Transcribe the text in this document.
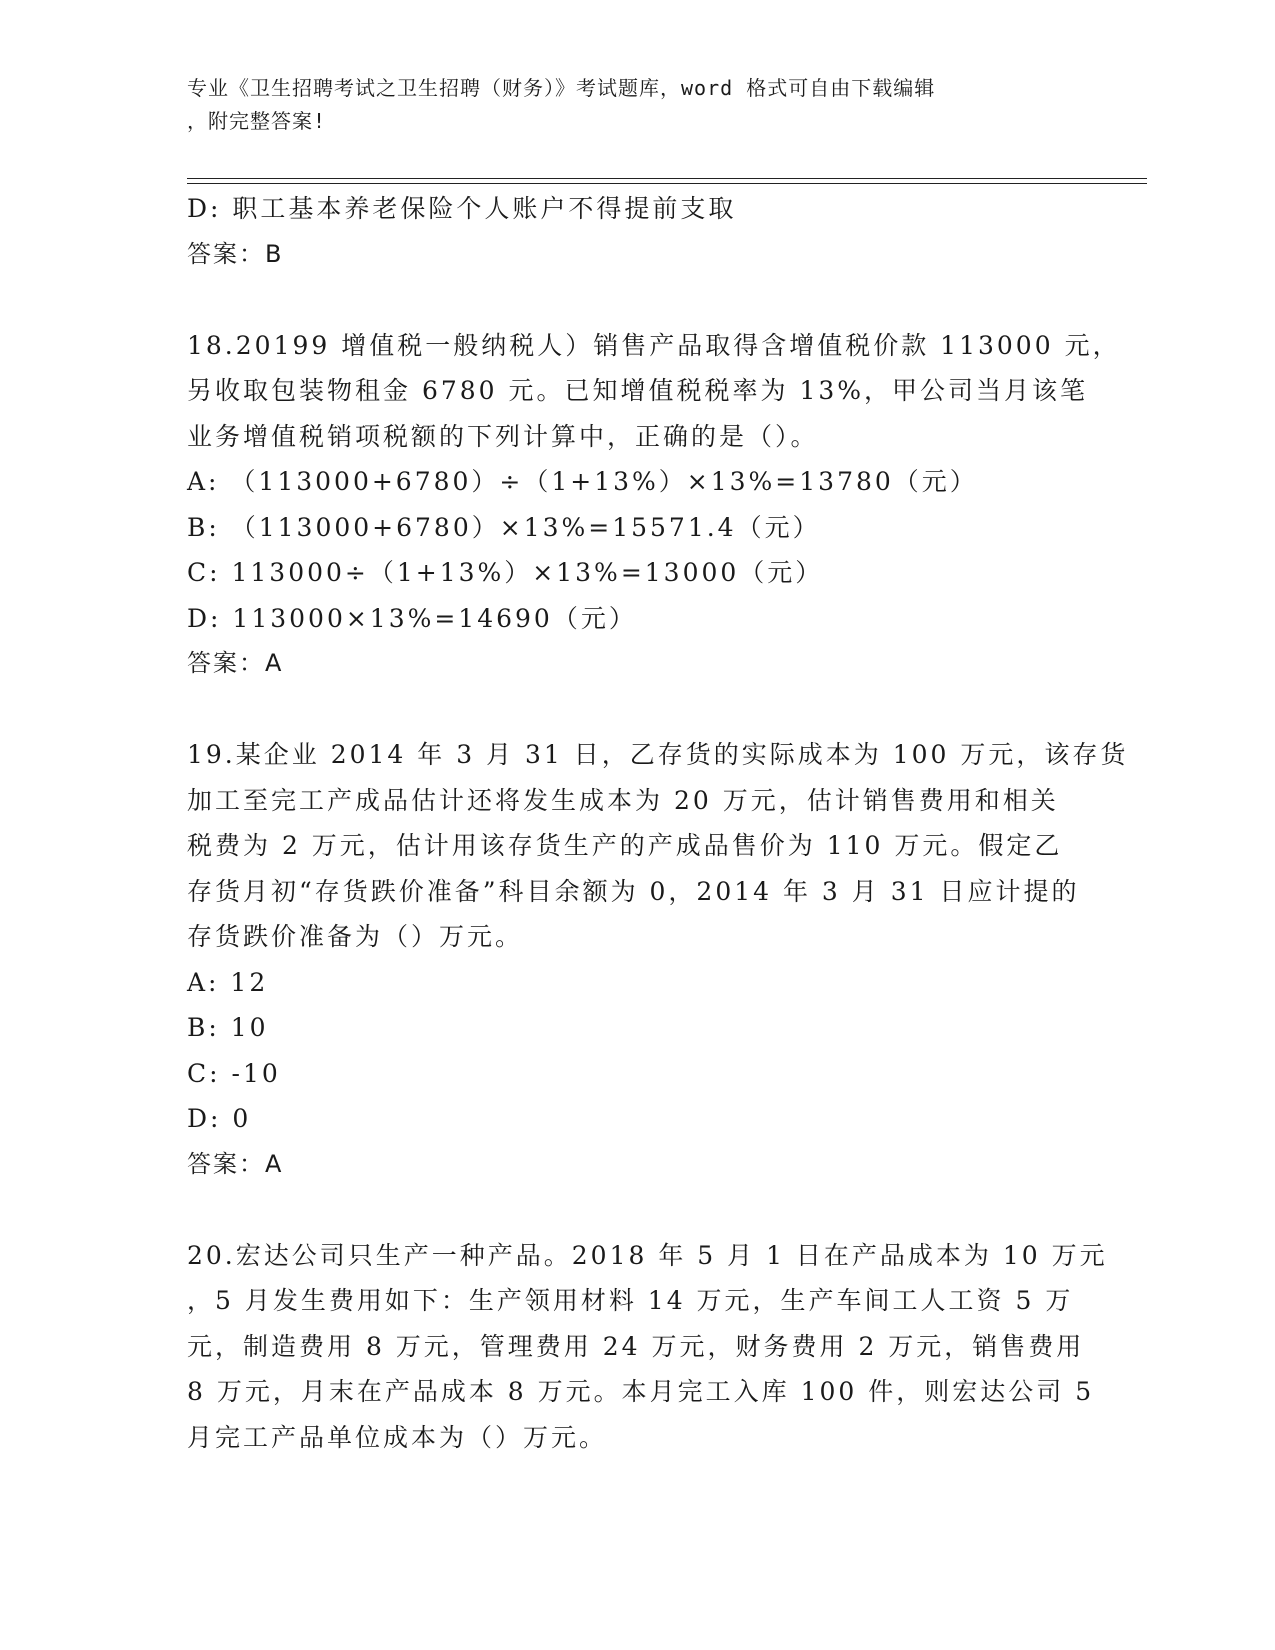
专业《卫生招聘考试之卫生招聘（财务）》考试题库，word 格式可自由下载编辑
，附完整答案!
D: 职工基本养老保险个人账户不得提前支取
答案：B
18.20199 增值税一般纳税人）销售产品取得含增值税价款 113000 元，
另收取包装物租金 6780 元。已知增值税税率为 13%，甲公司当月该笔
业务增值税销项税额的下列计算中，正确的是（）。
A: （113000+6780）÷（1+13%）×13%=13780（元）
B: （113000+6780）×13%=15571.4（元）
C: 113000÷（1+13%）×13%=13000（元）
D: 113000×13%=14690（元）
答案：A
19.某企业 2014 年 3 月 31 日，乙存货的实际成本为 100 万元，该存货
加工至完工产成品估计还将发生成本为 20 万元，估计销售费用和相关
税费为 2 万元，估计用该存货生产的产成品售价为 110 万元。假定乙
存货月初“存货跌价准备”科目余额为 0，2014 年 3 月 31 日应计提的
存货跌价准备为（）万元。
A: 12
B: 10
C: -10
D: 0
答案：A
20.宏达公司只生产一种产品。2018 年 5 月 1 日在产品成本为 10 万元
，5 月发生费用如下：生产领用材料 14 万元，生产车间工人工资 5 万
元，制造费用 8 万元，管理费用 24 万元，财务费用 2 万元，销售费用
8 万元，月末在产品成本 8 万元。本月完工入库 100 件，则宏达公司 5
月完工产品单位成本为（）万元。
